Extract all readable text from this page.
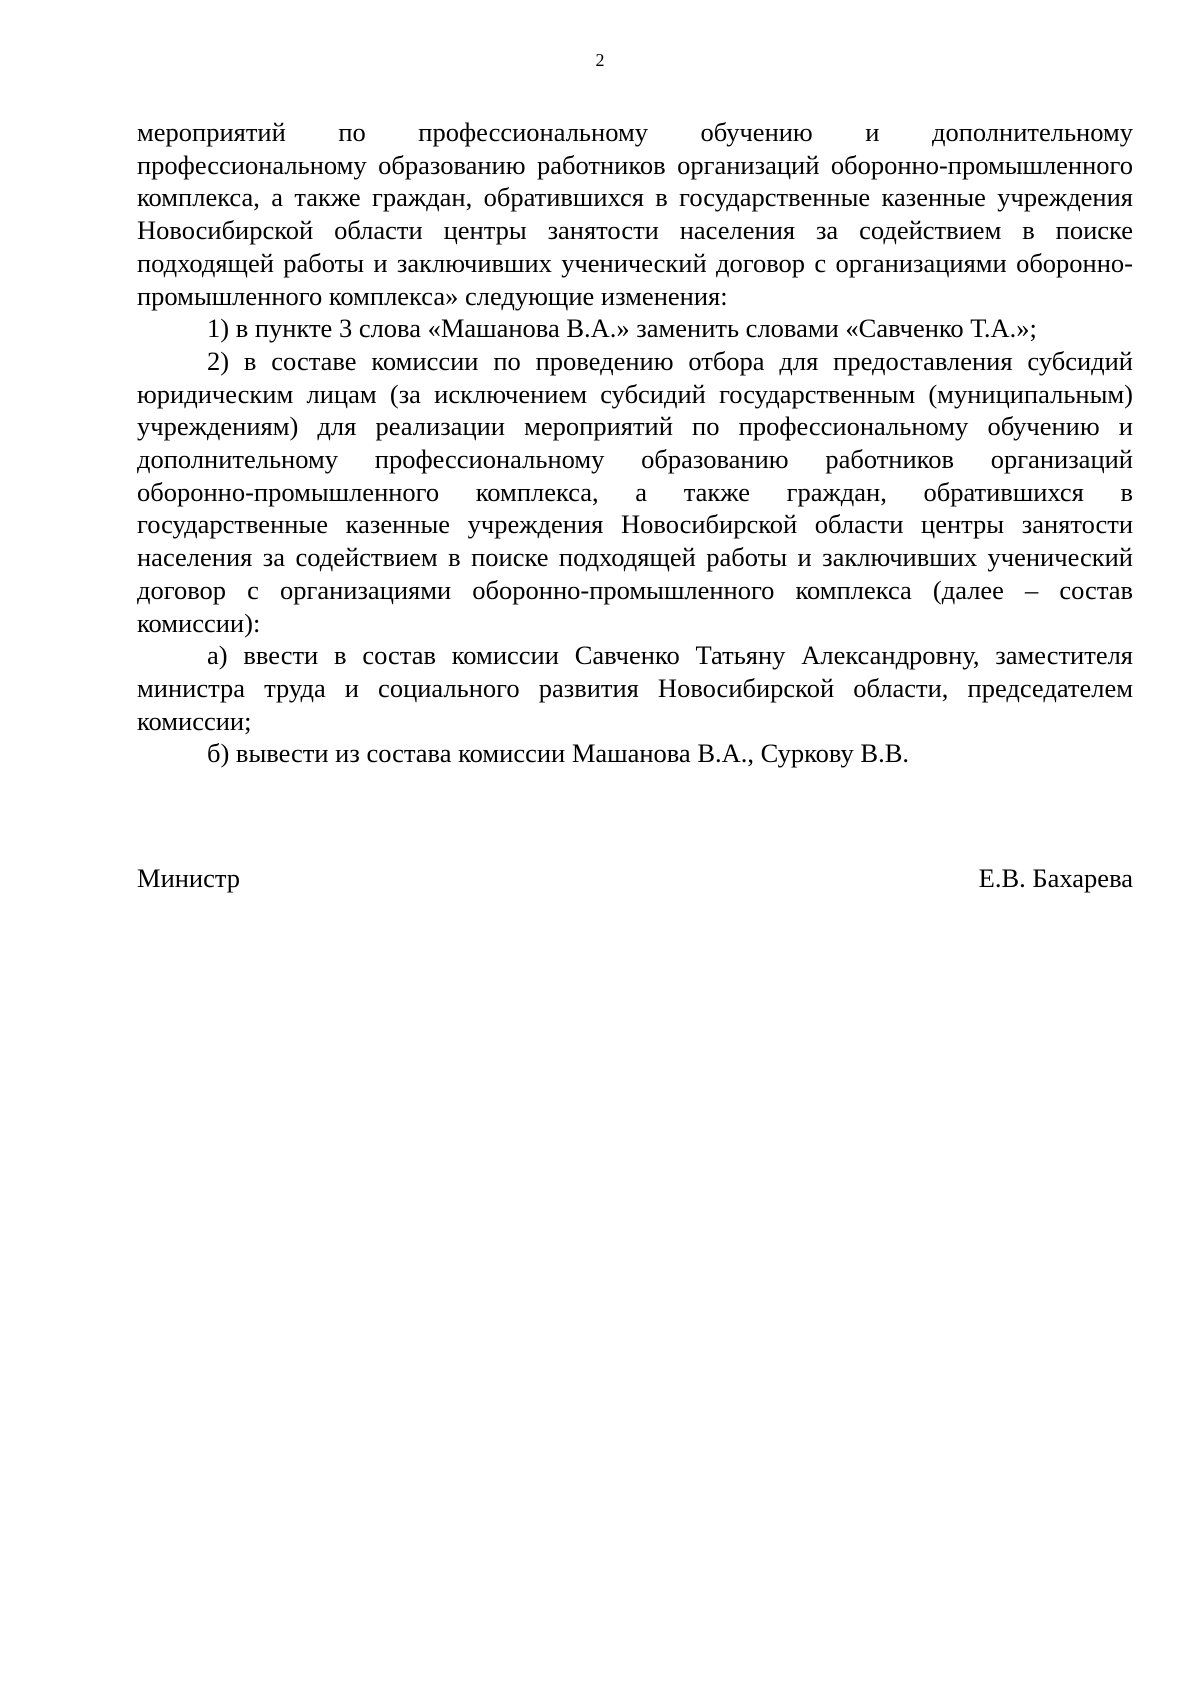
2

мероприятий по профессиональному обучению и дополнительному профессиональному образованию работников организаций оборонно-промышленного комплекса, а также граждан, обратившихся в государственные казенные учреждения Новосибирской области центры занятости населения за содействием в поиске подходящей работы и заключивших ученический договор с организациями оборонно-промышленного комплекса» следующие изменения:

1) в пункте 3 слова «Машанова В.А.» заменить словами «Савченко Т.А.»;

2) в составе комиссии по проведению отбора для предоставления субсидий юридическим лицам (за исключением субсидий государственным (муниципальным) учреждениям) для реализации мероприятий по профессиональному обучению и дополнительному профессиональному образованию работников организаций оборонно-промышленного комплекса, а также граждан, обратившихся в государственные казенные учреждения Новосибирской области центры занятости населения за содействием в поиске подходящей работы и заключивших ученический договор с организациями оборонно-промышленного комплекса (далее – состав комиссии):

а) ввести в состав комиссии Савченко Татьяну Александровну, заместителя министра труда и социального развития Новосибирской области, председателем комиссии;

б) вывести из состава комиссии Машанова В.А., Суркову В.В.

Министр	Е.В. Бахарева
